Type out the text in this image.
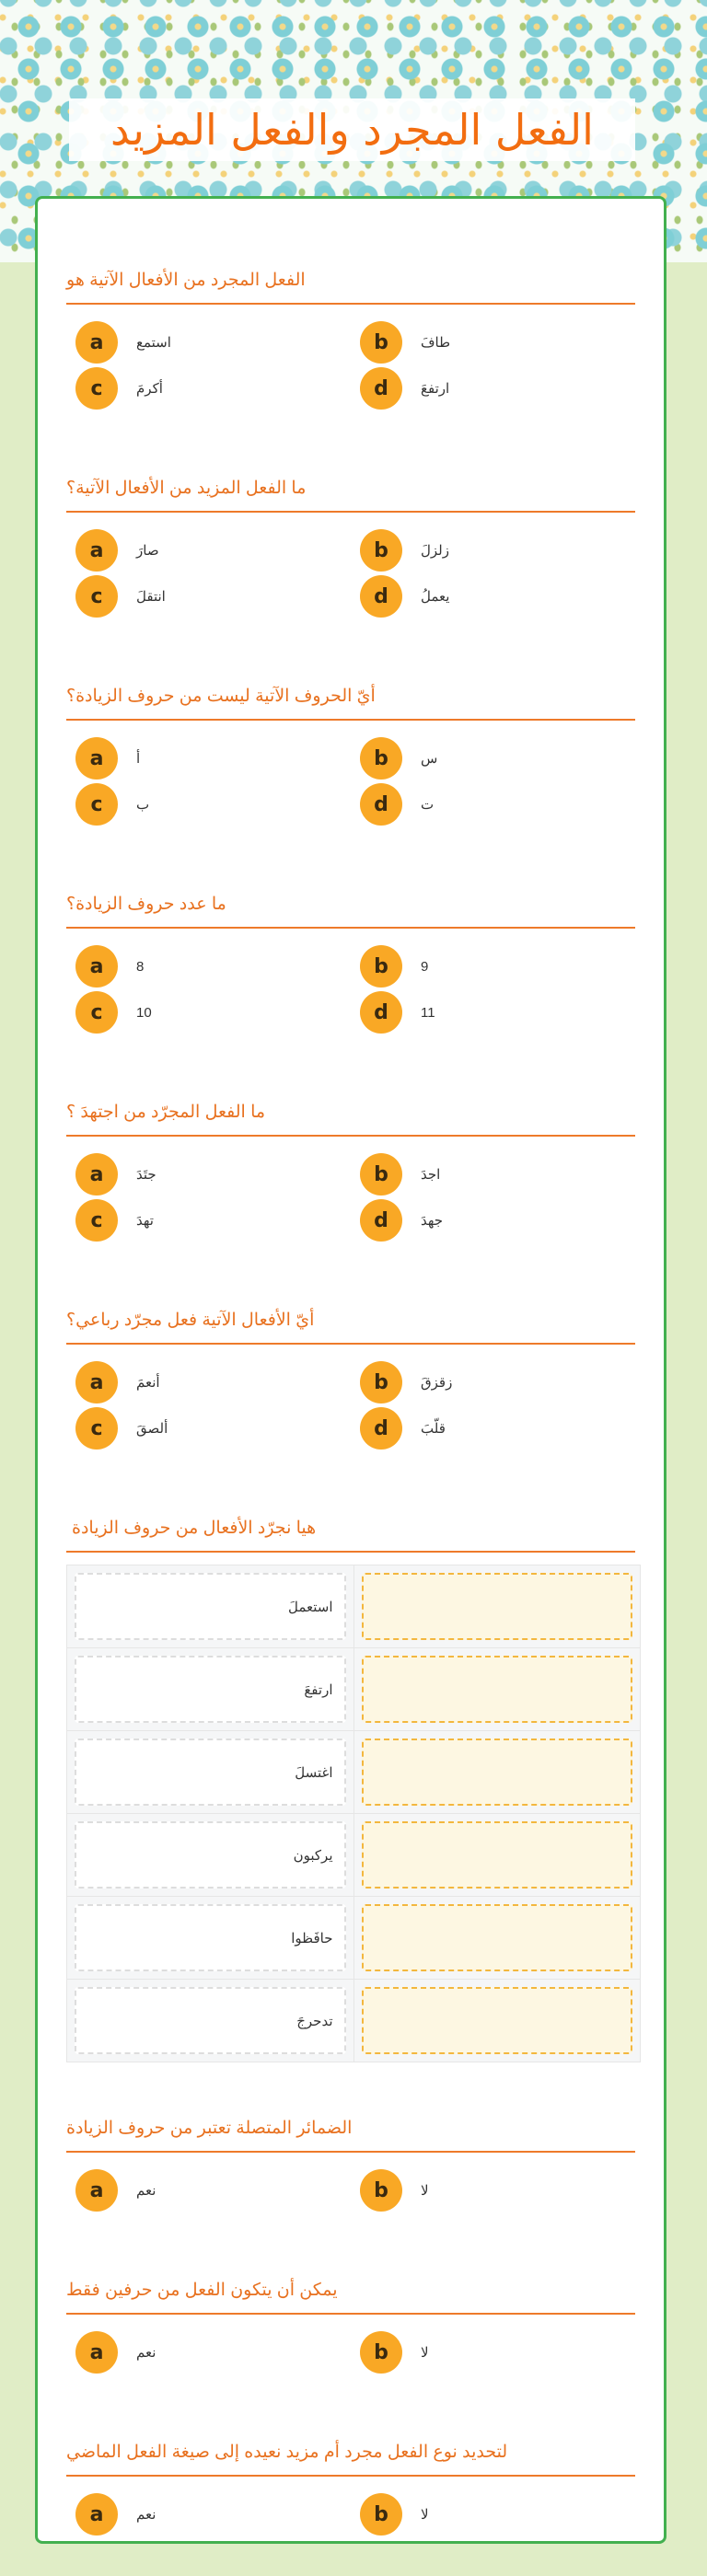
الفعل المجرد والفعل المزيد
الفعل المجرد من الأفعال الآتية هو
a	استمع	b	طافَ
c	أكرمَ	d	ارتفعَ
ما الفعل المزيد من الأفعال الآتية؟
a	صارَ	b	زلزلَ
c	انتقلَ	d	يعملُ
أيّ الحروف الآتية ليست من حروف الزيادة؟
a	أ	b	س
c	ب	d	ت
ما عدد حروف الزيادة؟
a	8	b	9
c	10	d	11
ما الفعل المجرّد من اجتهدَ ؟
a	جتَدَ	b	اجدَ
c	تهدَ	d	جهدَ
أيّ الأفعال الآتية فعل مجرّد رباعي؟
a	أنعمَ	b	زقزقَ
c	ألصقَ	d	قلّبَ
هيا نجرّد الأفعال من حروف الزيادة
استعملَ	

ارتفعَ	

اغتسلَ	

يركبون	

حافَظوا	

تدحرجَ	

الضمائر المتصلة تعتبر من حروف الزيادة
a	نعم	b	لا
يمكن أن يتكون الفعل من حرفين فقط
a	نعم	b	لا
لتحديد نوع الفعل مجرد أم مزيد نعيده إلى صيغة الفعل الماضي
a	نعم	b	لا
